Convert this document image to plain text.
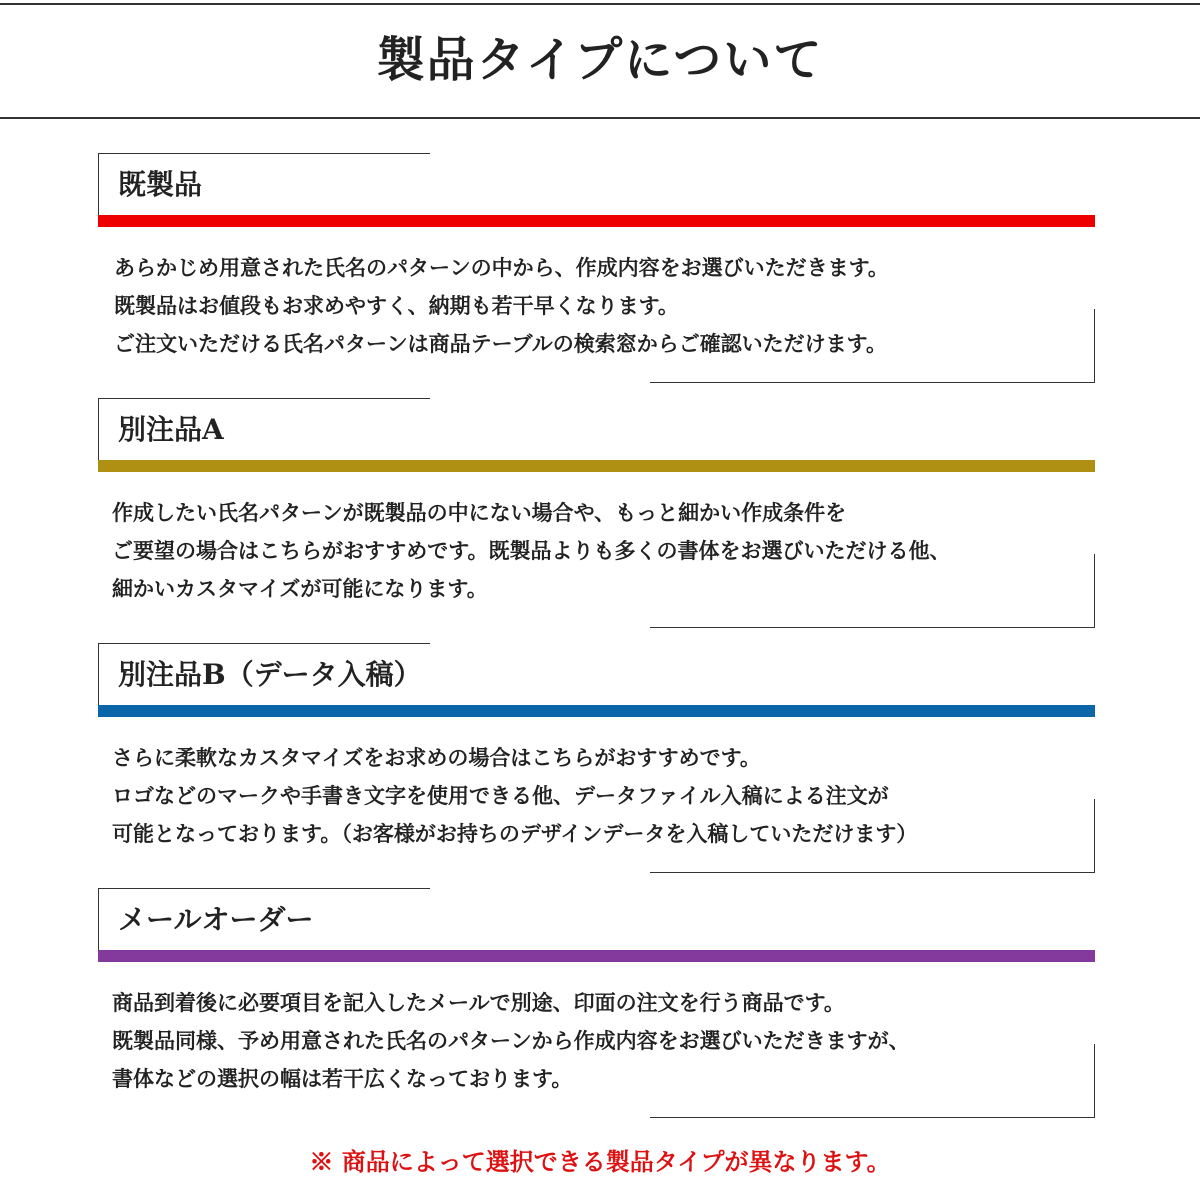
製品タイプについて
既製品
あらかじめ用意された氏名のパターンの中から、作成内容をお選びいただきます。
既製品はお値段もお求めやすく、納期も若干早くなります。
ご注文いただける氏名パターンは商品テーブルの検索窓からご確認いただけます。
別注品A
作成したい氏名パターンが既製品の中にない場合や、もっと細かい作成条件を
ご要望の場合はこちらがおすすめです。既製品よりも多くの書体をお選びいただける他、
細かいカスタマイズが可能になります。
別注品B（データ入稿）
さらに柔軟なカスタマイズをお求めの場合はこちらがおすすめです。
ロゴなどのマークや手書き文字を使用できる他、データファイル入稿による注文が
可能となっております。（お客様がお持ちのデザインデータを入稿していただけます）
メールオーダー
商品到着後に必要項目を記入したメールで別途、印面の注文を行う商品です。
既製品同様、予め用意された氏名のパターンから作成内容をお選びいただきますが、
書体などの選択の幅は若干広くなっております。

※ 商品によって選択できる製品タイプが異なります。
